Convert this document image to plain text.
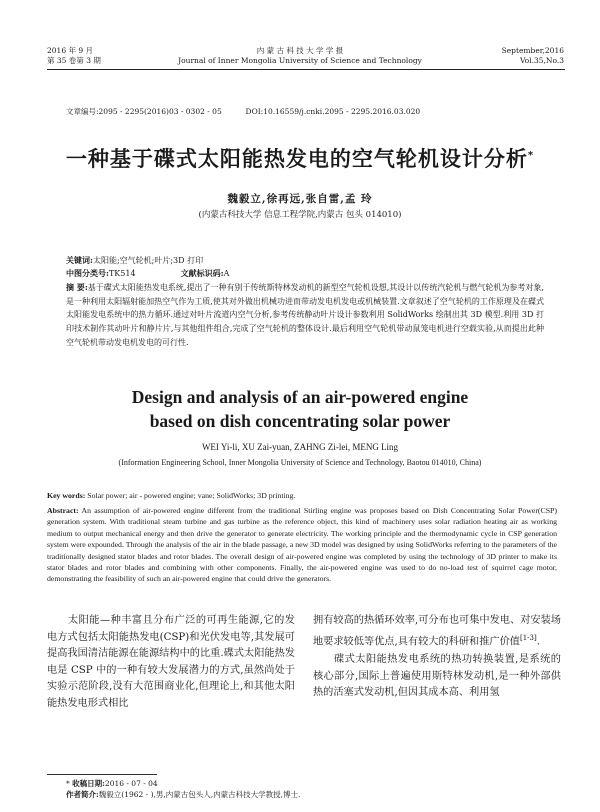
2016 年 9 月
第 35 卷第 3 期
内 蒙 古 科 技 大 学 学 报
Journal of Inner Mongolia University of Science and Technology
September,2016
Vol.35,No.3
文章编号:2095 - 2295(2016)03 - 0302 - 05          DOI:10.16559/j.cnki.2095 - 2295.2016.03.020
一种基于碟式太阳能热发电的空气轮机设计分析*
魏毅立,徐再远,张自雷,孟 玲
(内蒙古科技大学 信息工程学院,内蒙古 包头 014010)
关键词:太阳能;空气轮机;叶片;3D 打印
中图分类号:TK514	文献标识码:A

摘 要:基于碟式太阳能热发电系统,提出了一种有别于传统斯特林发动机的新型空气轮机设想,其设计以传统汽轮机与燃气轮机为参考对象,是一种利用太阳辐射能加热空气作为工质,使其对外做出机械功进而带动发电机发电或机械装置.文章叙述了空气轮机的工作原理及在碟式太阳能发电系统中的热力循环.通过对叶片流道内空气分析,参考传统静动叶片设计参数利用 SolidWorks 绘制出其 3D 模型.利用 3D 打印技术制作其动叶片和静片片,与其他组件组合,完成了空气轮机的整体设计.最后利用空气轮机带动鼠笼电机进行空载实验,从而提出此种空气轮机带动发电机发电的可行性.

Design and analysis of an air-powered engine based on dish concentrating solar power
WEI Yi-li, XU Zai-yuan, ZAHNG Zi-lei, MENG Ling
(Information Engineering School, Inner Mongolia University of Science and Technology, Baotou 014010, China)
Key words: Solar power; air - powered engine; vane; SolidWorks; 3D printing.

Abstract: An assumption of air-powered engine different from the traditional Stirling engine was proposes based on Dish Concentrating Solar Power(CSP) generation system. With traditional steam turbine and gas turbine as the reference object, this kind of machinery uses solar radiation heating air as working medium to output mechanical energy and then drive the generator to generate electricity. The working principle and the thermodynamic cycle in CSP generation system were expounded. Through the analysis of the air in the blade passage, a new 3D model was designed by using SolidWorks referring to the parameters of the traditionally designed stator blades and rotor blades. The overall design of air-powered engine was completed by using the technology of 3D printer to make its stator blades and rotor blades and combining with other components. Finally, the air-powered engine was used to do no-load test of squirrel cage motor, demonstrating the feasibility of such an air-powered engine that could drive the generators.

太阳能—种丰富且分布广泛的可再生能源,它的发电方式包括太阳能热发电(CSP)和光伏发电等,其发展可提高我国清洁能源在能源结构中的比重.碟式太阳能热发电是 CSP 中的一种有较大发展潜力的方式,虽然尚处于实验示范阶段,没有大范围商业化,但理论上,和其他太阳能热发电形式相比
拥有较高的热循环效率,可分布也可集中发电、对安装场地要求较低等优点,具有较大的科研和推广价值[1-3].
碟式太阳能热发电系统的热功转换装置,是系统的核心部分,国际上普遍使用斯特林发动机,是一种外部供热的活塞式发动机,但因其成本高、利用氢
* 收稿日期:2016 - 07 - 04
作者简介:魏毅立(1962 - ),男,内蒙古包头人,内蒙古科技大学教授,博士.
